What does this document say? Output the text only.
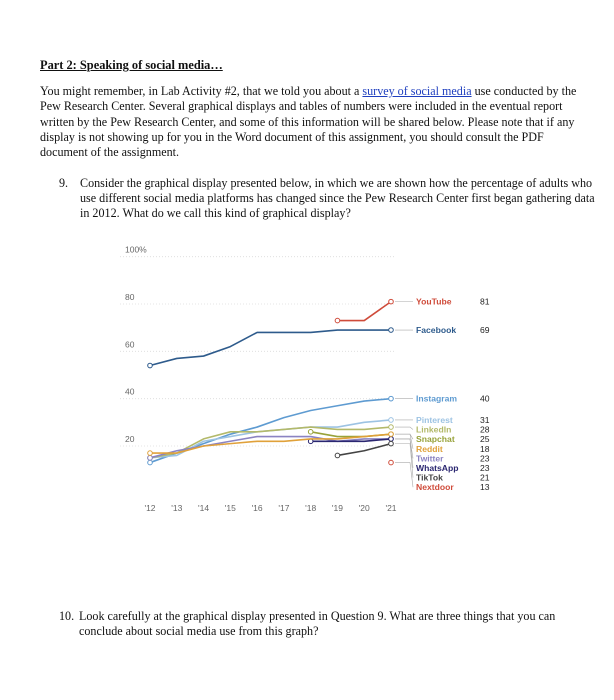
Part 2: Speaking of social media…

You might remember, in Lab Activity #2, that we told you about a survey of social media use conducted by the Pew Research Center. Several graphical displays and tables of numbers were included in the eventual report written by the Pew Research Center, and some of this information will be shared below. Please note that if any display is not showing up for you in the Word document of this assignment, you should consult the PDF document of the assignment.

9. Consider the graphical display presented below, in which we are shown how the percentage of adults who use different social media platforms has changed since the Pew Research Center first began gathering data in 2012. What do we call this kind of graphical display?
100%
80
60
40
20
'12 '13 '14 '15 '16 '17 '18 '19 '20 '21
YouTube	81
Facebook	69
Instagram	40
Pinterest	31
LinkedIn	28
Snapchat	25
Reddit	18
Twitter	23
WhatsApp	23
TikTok	21
Nextdoor	13
10. Look carefully at the graphical display presented in Question 9. What are three things that you can conclude about social media use from this graph?
